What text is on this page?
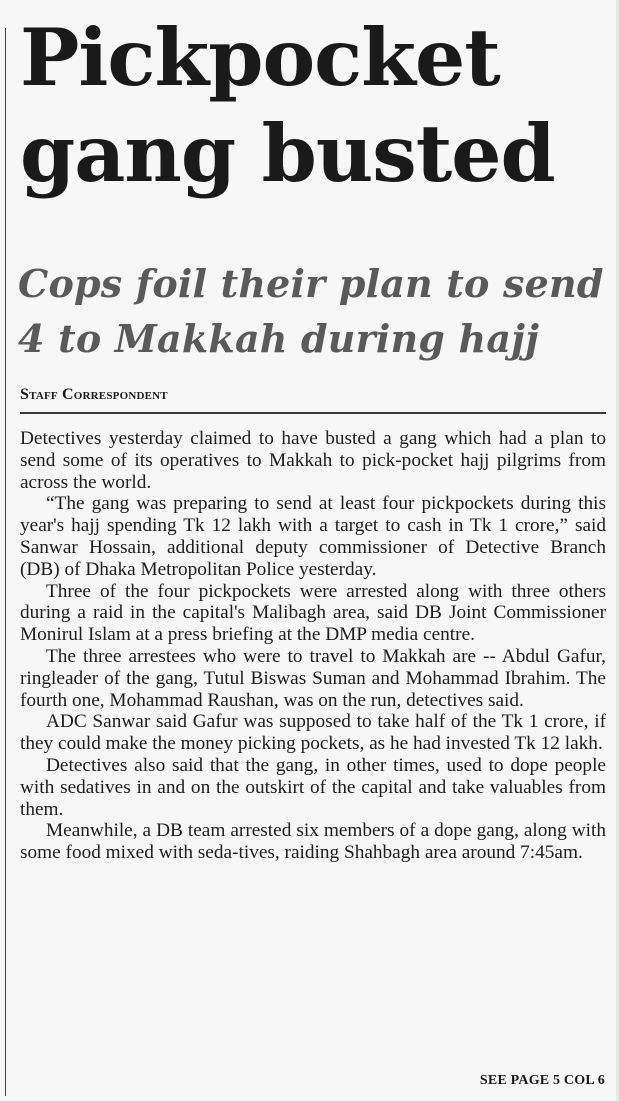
Pickpocket
gang busted
Cops foil their plan to send
4 to Makkah during hajj
Staff Correspondent

Detectives yesterday claimed to have busted a gang which had a plan to send some of its operatives to Makkah to pick-pocket hajj pilgrims from across the world.

“The gang was preparing to send at least four pickpockets during this year's hajj spending Tk 12 lakh with a target to cash in Tk 1 crore,” said Sanwar Hossain, additional deputy commissioner of Detective Branch (DB) of Dhaka Metropolitan Police yesterday.

Three of the four pickpockets were arrested along with three others during a raid in the capital's Malibagh area, said DB Joint Commissioner Monirul Islam at a press briefing at the DMP media centre.

The three arrestees who were to travel to Makkah are -- Abdul Gafur, ringleader of the gang, Tutul Biswas Suman and Mohammad Ibrahim. The fourth one, Mohammad Raushan, was on the run, detectives said.

ADC Sanwar said Gafur was supposed to take half of the Tk 1 crore, if they could make the money picking pockets, as he had invested Tk 12 lakh.

Detectives also said that the gang, in other times, used to dope people with sedatives in and on the outskirt of the capital and take valuables from them.

Meanwhile, a DB team arrested six members of a dope gang, along with some food mixed with seda-tives, raiding Shahbagh area around 7:45am.

SEE PAGE 5 COL 6
